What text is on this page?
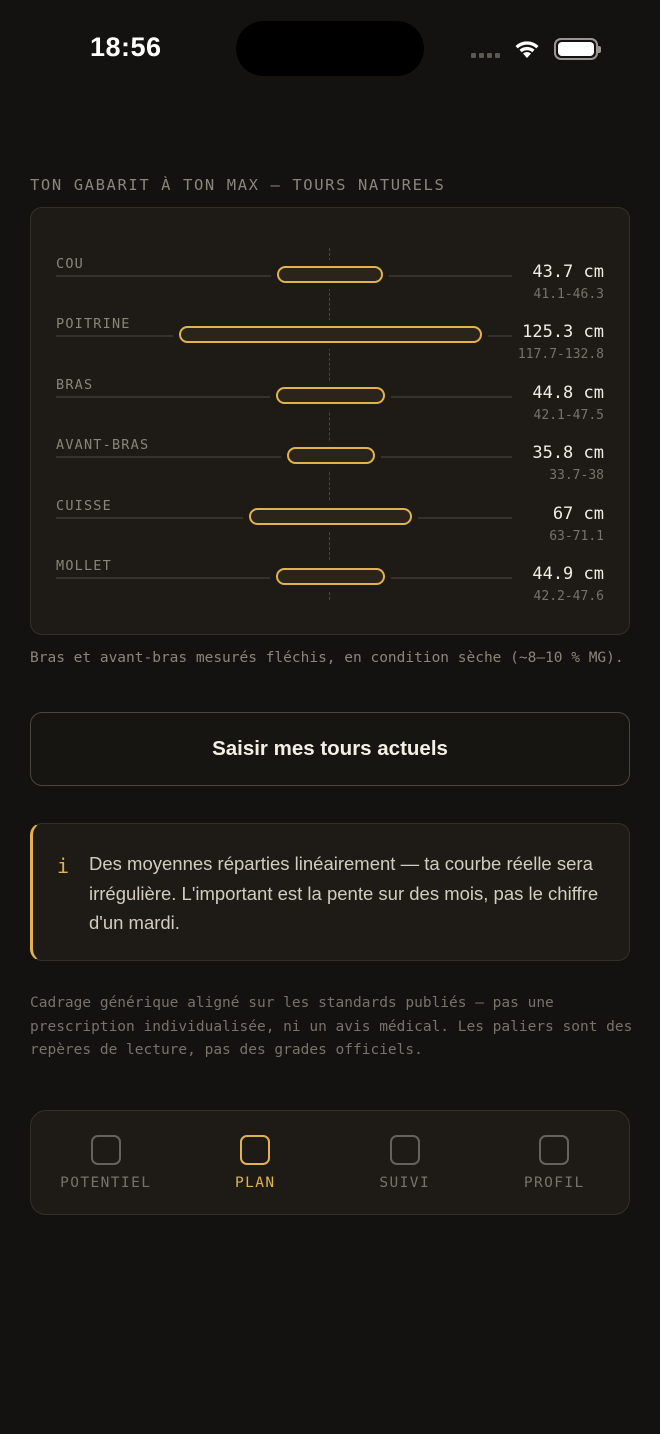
18:56
TON GABARIT À TON MAX — TOURS NATURELS
COU	43.7 cm
41.1-46.3
POITRINE	125.3 cm
117.7-132.8
BRAS	44.8 cm
42.1-47.5
AVANT-BRAS	35.8 cm
33.7-38
CUISSE	67 cm
63-71.1
MOLLET	44.9 cm
42.2-47.6
Bras et avant-bras mesurés fléchis, en condition sèche (~8–10 % MG).
Saisir mes tours actuels
i Des moyennes réparties linéairement — ta courbe réelle sera irrégulière. L'important est la pente sur des mois, pas le chiffre d'un mardi.
Cadrage générique aligné sur les standards publiés — pas une prescription individualisée, ni un avis médical. Les paliers sont des repères de lecture, pas des grades officiels.
POTENTIEL	PLAN	SUIVI	PROFIL
